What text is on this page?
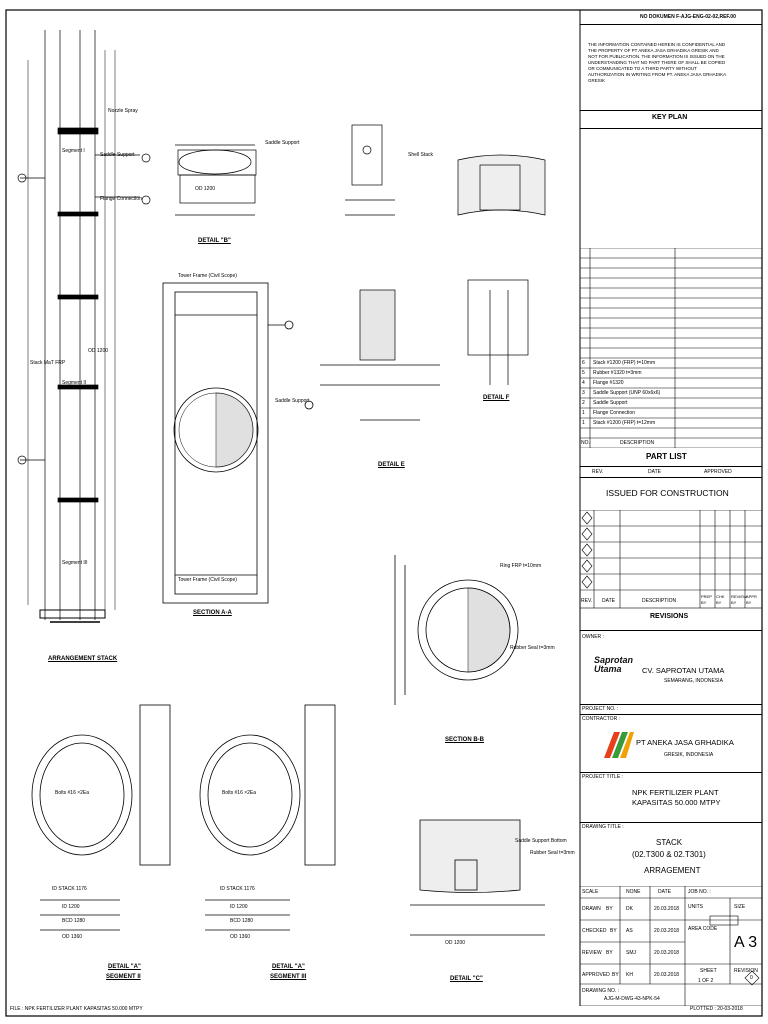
Nozzle Spray
Saddle Support
Flange Connection
Segment I
Segment II
Segment III
Stack MaT FRP
OD 1200
ARRANGEMENT STACK
DETAIL "B"
OD 1200
Saddle Support
Tower Frame (Civil Scope)
Tower Frame (Civil Scope)
Saddle Support
SECTION A-A
Shell Stack
DETAIL E
DETAIL F
Ring FRP t=10mm
Rubber Seal t=3mm
SECTION B-B
Bolts #16 ×2Ea
ID STACK 1176
ID 1200
BCD 1280
OD 1360
DETAIL "A"
SEGMENT II
Bolts #16 ×2Ea
ID STACK 1176
ID 1200
BCD 1280
OD 1360
DETAIL "A"
SEGMENT III
Saddle Support Bottom
Rubber Seal t=3mm
OD 1200
DETAIL "C"
FILE : NPK FERTILIZER PLANT KAPASITAS 50.000 MTPY	PLOTTED : 20-03-2018
NO DOKUMEN F-AJG-ENG-02-02,REF.00
THE INFORMATION CONTAINED HEREIN IS CONFIDENTIAL AND THE PROPERTY OF PT ANEKA JASA GRHADIKA GRESIK AND NOT FOR PUBLICATION. THE INFORMATION IS ISSUED ON THE UNDERSTANDING THAT NO PART THERE OF SHALL BE COPIED OR COMMUNICATED TO A THIRD PARTY WITHOUT AUTHORIZATION IN WRITING FROM PT. ANEKA JASA GRHADIKA GRESIK
KEY PLAN
6 Stack #1200 (FRP) t=10mm
5 Rubber #1320 t=3mm
4 Flange #1320
3 Saddle Support (UNP 60x6x6)
2 Saddle Support
1 Flange Connection
1 Stack #1200 (FRP) t=12mm
NO.	DESCRIPTION
PART LIST
REV.	DATE	APPROVED
ISSUED FOR CONSTRUCTION
REV. DATE	DESCRIPTION
PREP BY
CHK BY
REVIEW BY
APPR BY
REVISIONS
OWNER :
Saprotan Utama	CV. SAPROTAN UTAMA
SEMARANG, INDONESIA
PROJECT NO. :
CONTRACTOR :
PT ANEKA JASA GRHADIKA
GRESIK, INDONESIA
PROJECT TITLE :
NPK FERTILIZER PLANT
KAPASITAS 50.000 MTPY
DRAWING TITLE :
STACK
(02.T300 & 02.T301)
ARRAGEMENT
SCALE	NONE	DATE	JOB NO. :
UNITS
AREA CODE
SIZE
A 3
DRAWN BY	DK	20.03.2018
CHECKED BY AS	20.03.2018
REVIEW BY	SMJ	20.03.2018
APPROVED BY KH	20.03.2018
SHEET
1 OF 2
REVISION
0
DRAWING NO. :
AJG-M-DWG-43-NPK-54
